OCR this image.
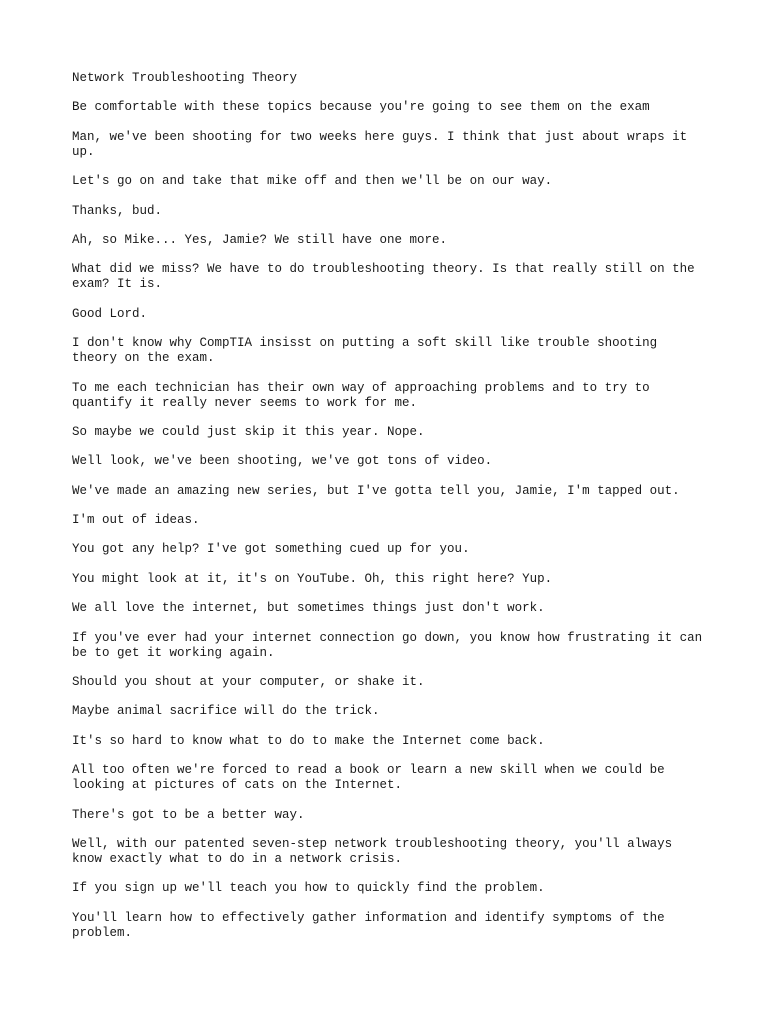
Network Troubleshooting Theory

Be comfortable with these topics because you're going to see them on the exam

Man, we've been shooting for two weeks here guys. I think that just about wraps it up.

Let's go on and take that mike off and then we'll be on our way.

Thanks, bud.

Ah, so Mike... Yes, Jamie? We still have one more.

What did we miss? We have to do troubleshooting theory. Is that really still on the exam? It is.

Good Lord.

I don't know why CompTIA insisst on putting a soft skill like trouble shooting theory on the exam.

To me each technician has their own way of approaching problems and to try to quantify it really never seems to work for me.

So maybe we could just skip it this year. Nope.

Well look, we've been shooting, we've got tons of video.

We've made an amazing new series, but I've gotta tell you, Jamie, I'm tapped out.

I'm out of ideas.

You got any help? I've got something cued up for you.

You might look at it, it's on YouTube. Oh, this right here? Yup.

We all love the internet, but sometimes things just don't work.

If you've ever had your internet connection go down, you know how frustrating it can be to get it working again.

Should you shout at your computer, or shake it.

Maybe animal sacrifice will do the trick.

It's so hard to know what to do to make the Internet come back.

All too often we're forced to read a book or learn a new skill when we could be looking at pictures of cats on the Internet.

There's got to be a better way.

Well, with our patented seven-step network troubleshooting theory, you'll always know exactly what to do in a network crisis.

If you sign up we'll teach you how to quickly find the problem.

You'll learn how to effectively gather information and identify symptoms of the problem.
